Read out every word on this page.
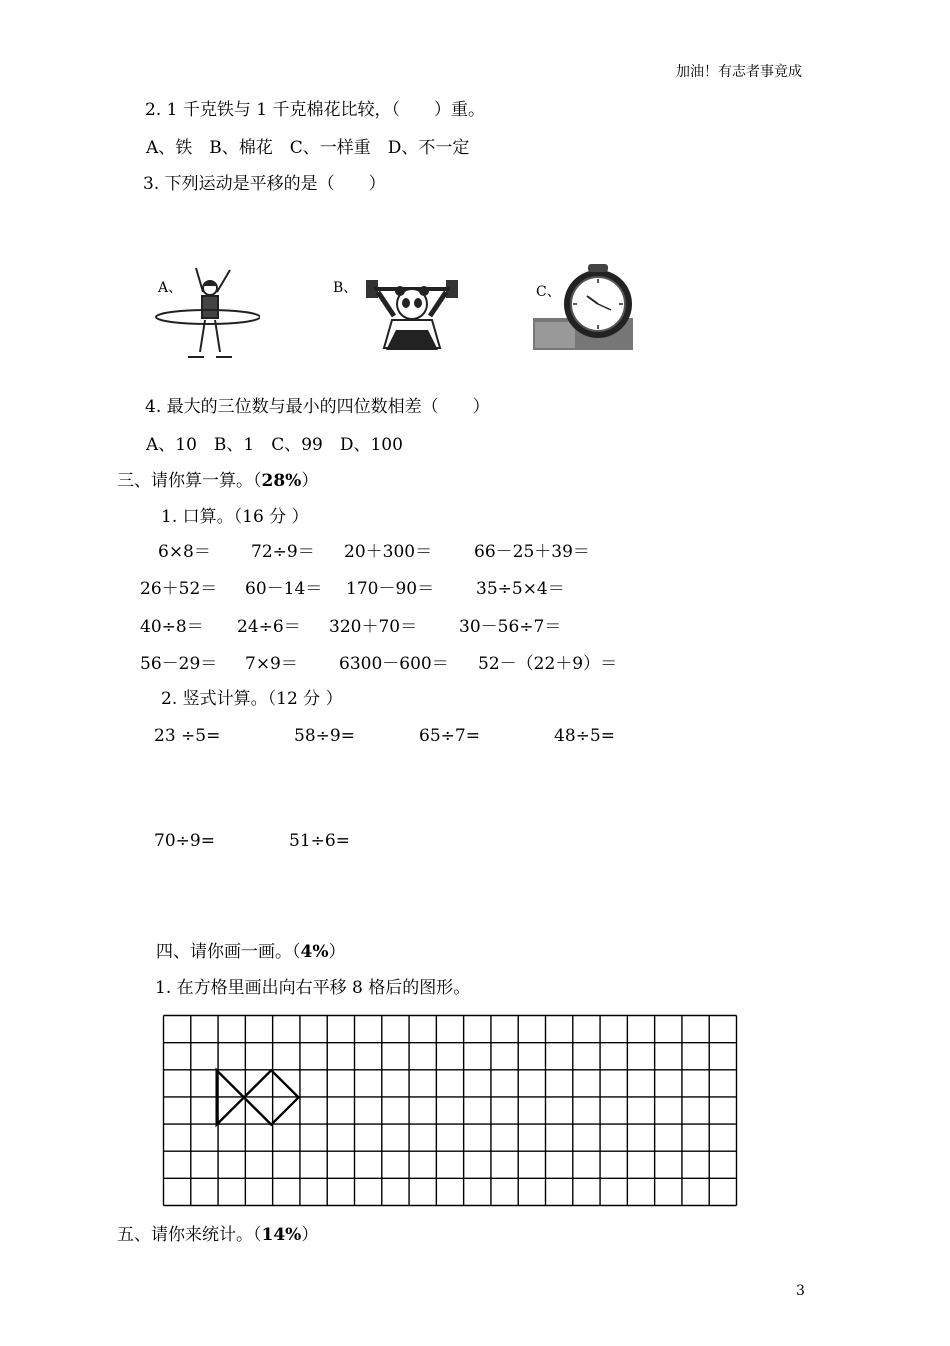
加油！有志者事竟成
3
2. 1 千克铁与 1 千克棉花比较，（　　）重。
A、铁　B、棉花　C、一样重　D、不一定
3. 下列运动是平移的是（　　）
A、	B、	C、
4. 最大的三位数与最小的四位数相差（　　）
A、10　B、1　C、99　D、100
三、请你算一算。（28%）
1. 口算。（16 分 ）
6×8＝ 72÷9＝ 20＋300＝ 66－25＋39＝
26＋52＝ 60－14＝ 170－90＝ 35÷5×4＝
40÷8＝ 24÷6＝ 320＋70＝ 30－56÷7＝
56－29＝ 7×9＝ 6300－600＝ 52－（22＋9）＝
2. 竖式计算。（12 分 ）
23 ÷5=	58÷9=	65÷7=	48÷5=
70÷9=	51÷6=
四、请你画一画。（4%）
1. 在方格里画出向右平移 8 格后的图形。
五、请你来统计。（14%）
